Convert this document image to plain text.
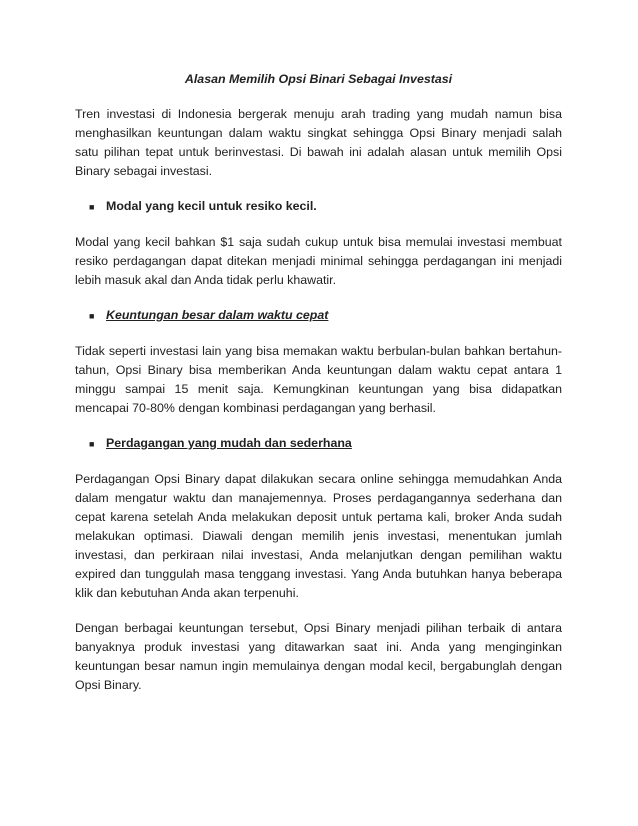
Alasan Memilih Opsi Binari Sebagai Investasi
Tren investasi di Indonesia bergerak menuju arah trading yang mudah namun bisa menghasilkan keuntungan dalam waktu singkat sehingga Opsi Binary menjadi salah satu pilihan tepat untuk berinvestasi. Di bawah ini adalah alasan untuk memilih Opsi Binary sebagai investasi.
■ Modal yang kecil untuk resiko kecil.
Modal yang kecil bahkan $1 saja sudah cukup untuk bisa memulai investasi membuat resiko perdagangan dapat ditekan menjadi minimal sehingga perdagangan ini menjadi lebih masuk akal dan Anda tidak perlu khawatir.
■ Keuntungan besar dalam waktu cepat
Tidak seperti investasi lain yang bisa memakan waktu berbulan-bulan bahkan bertahun-tahun, Opsi Binary bisa memberikan Anda keuntungan dalam waktu cepat antara 1 minggu sampai 15 menit saja. Kemungkinan keuntungan yang bisa didapatkan mencapai 70-80% dengan kombinasi perdagangan yang berhasil.
■ Perdagangan yang mudah dan sederhana
Perdagangan Opsi Binary dapat dilakukan secara online sehingga memudahkan Anda dalam mengatur waktu dan manajemennya. Proses perdagangannya sederhana dan cepat karena setelah Anda melakukan deposit untuk pertama kali, broker Anda sudah melakukan optimasi. Diawali dengan memilih jenis investasi, menentukan jumlah investasi, dan perkiraan nilai investasi, Anda melanjutkan dengan pemilihan waktu expired dan tunggulah masa tenggang investasi. Yang Anda butuhkan hanya beberapa klik dan kebutuhan Anda akan terpenuhi.
Dengan berbagai keuntungan tersebut, Opsi Binary menjadi pilihan terbaik di antara banyaknya produk investasi yang ditawarkan saat ini. Anda yang menginginkan keuntungan besar namun ingin memulainya dengan modal kecil, bergabunglah dengan Opsi Binary.
